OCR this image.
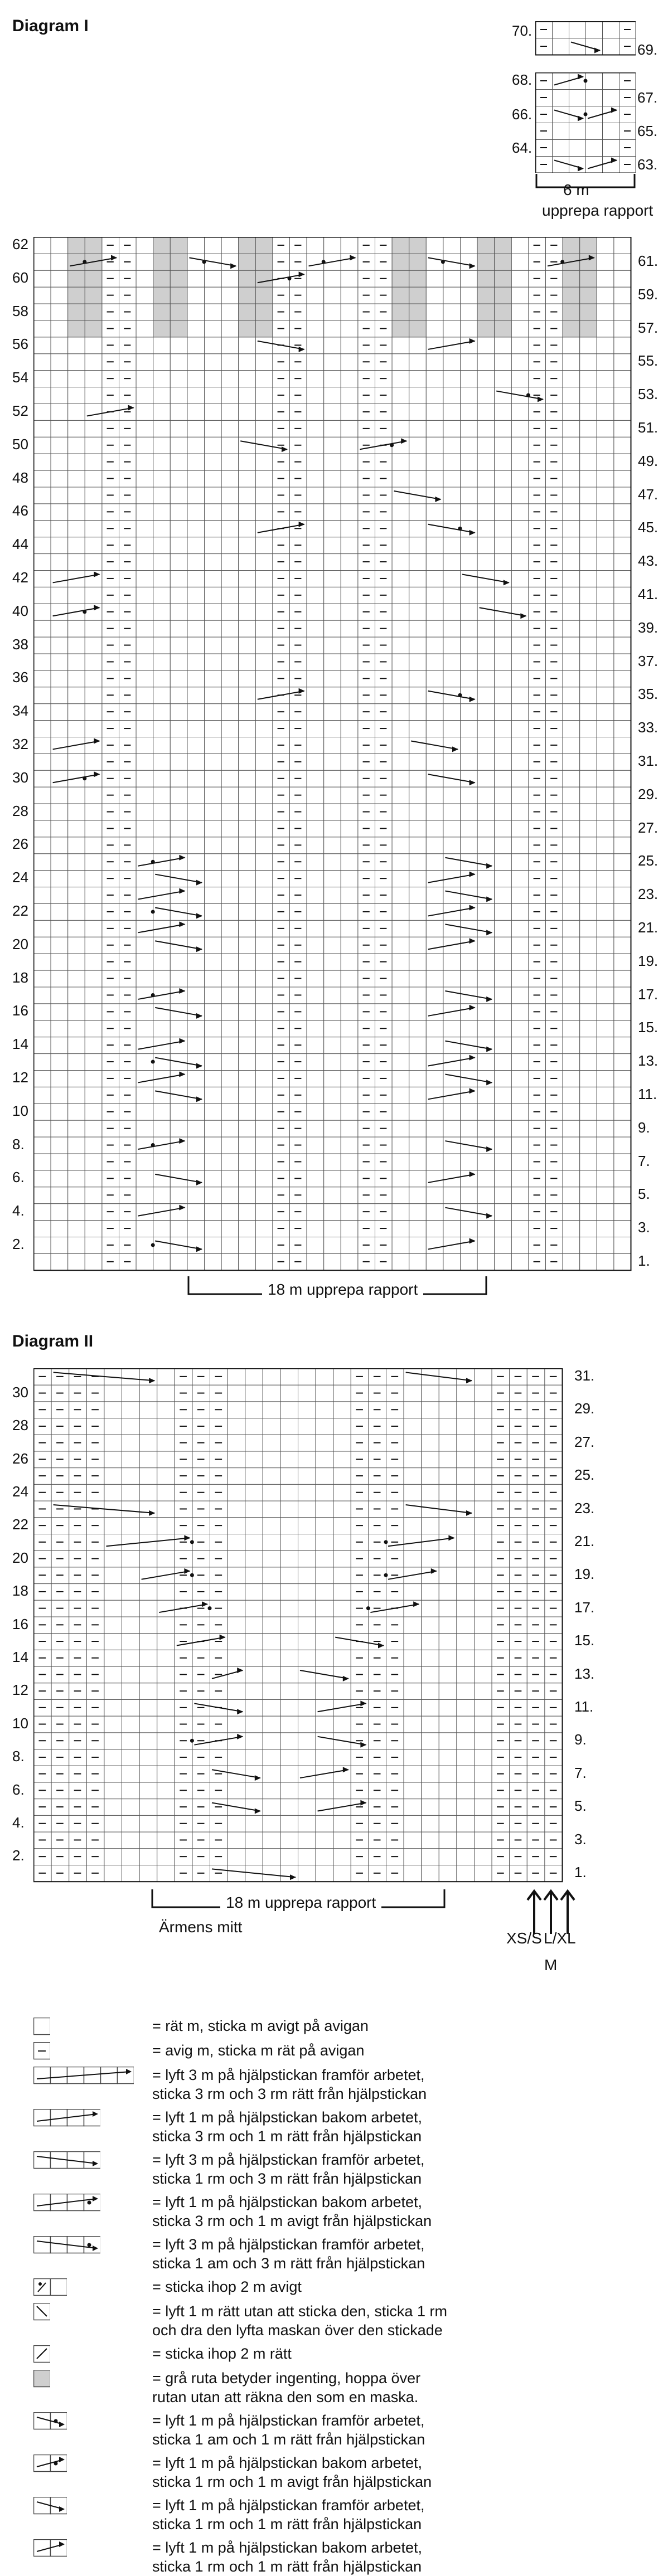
Diagram I	70.
69.
68.
66.
64.
67.
65.
63.
6 m
upprepa rapport
62
60
58
56
54
52
50
48
46
44
42
40
38
36
34
32
30
28
26
24
22
20
18
16
14
12
10
8.
6.
4.
2.
61.
59.
57.
55.
53.
51.
49.
47.
45.
43.
41.
39.
37.
35.
33.
31.
29.
27.
25.
23.
21.
19.
17.
15.
13.
11.
9.
7.
5.
3.
1.
18 m upprepa rapport
Diagram II
30
28
26
24
22
20
18
16
14
12
10
8.
6.
4.
2.
31.
29.
27.
25.
23.
21.
19.
17.
15.
13.
11.
9.
7.
5.
3.
1.
18 m upprepa rapport
Ärmens mitt
XS/S L/XL
M
= rät m, sticka m avigt på avigan
= avig m, sticka m rät på avigan
= lyft 3 m på hjälpstickan framför arbetet,
sticka 3 rm och 3 rm rätt från hjälpstickan
= lyft 1 m på hjälpstickan bakom arbetet,
sticka 3 rm och 1 m rätt från hjälpstickan
= lyft 3 m på hjälpstickan framför arbetet,
sticka 1 rm och 3 m rätt från hjälpstickan
= lyft 1 m på hjälpstickan bakom arbetet,
sticka 3 rm och 1 m avigt från hjälpstickan
= lyft 3 m på hjälpstickan framför arbetet,
sticka 1 am och 3 m rätt från hjälpstickan
= sticka ihop 2 m avigt
= lyft 1 m rätt utan att sticka den, sticka 1 rm
och dra den lyfta maskan över den stickade
= sticka ihop 2 m rätt
= grå ruta betyder ingenting, hoppa över
rutan utan att räkna den som en maska.
= lyft 1 m på hjälpstickan framför arbetet,
sticka 1 am och 1 m rätt från hjälpstickan
= lyft 1 m på hjälpstickan bakom arbetet,
sticka 1 rm och 1 m avigt från hjälpstickan
= lyft 1 m på hjälpstickan framför arbetet,
sticka 1 rm och 1 m rätt från hjälpstickan
= lyft 1 m på hjälpstickan bakom arbetet,
sticka 1 rm och 1 m rätt från hjälpstickan
